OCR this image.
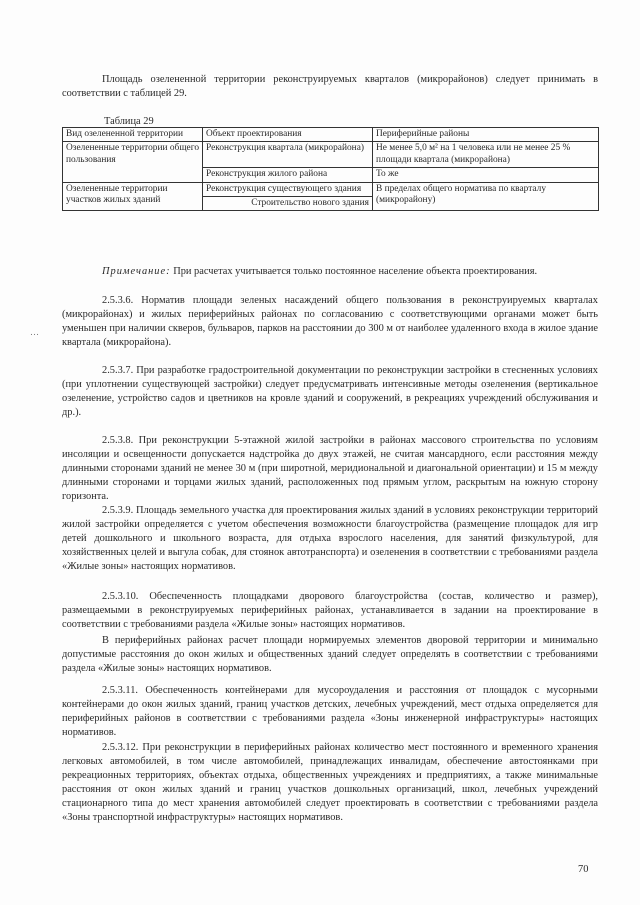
Площадь озелененной территории реконструируемых кварталов (микрорайонов) следует принимать в соответствии с таблицей 29.

Таблица 29

Вид озелененной территории	Объект проектирования	Периферийные районы
Озелененные территории общего пользования	Реконструкция квартала (микрорайона)	Не менее 5,0 м² на 1 человека или не менее 25 % площади квартала (микрорайона)
	Реконструкция жилого района	То же
Озелененные территории участков жилых зданий	Реконструкция существующего здания	В пределах общего норматива по кварталу (микрорайону)
	Строительство нового здания	

Примечание: При расчетах учитывается только постоянное население объекта проектирования.

…

2.5.3.6. Норматив площади зеленых насаждений общего пользования в реконструируемых кварталах (микрорайонах) и жилых периферийных районах по согласованию с соответствующими органами может быть уменьшен при наличии скверов, бульваров, парков на расстоянии до 300 м от наиболее удаленного входа в жилое здание квартала (микрорайона).

2.5.3.7. При разработке градостроительной документации по реконструкции застройки в стесненных условиях (при уплотнении существующей застройки) следует предусматривать интенсивные методы озеленения (вертикальное озеленение, устройство садов и цветников на кровле зданий и сооружений, в рекреациях учреждений обслуживания и др.).

2.5.3.8. При реконструкции 5-этажной жилой застройки в районах массового строительства по условиям инсоляции и освещенности допускается надстройка до двух этажей, не считая мансардного, если расстояния между длинными сторонами зданий не менее 30 м (при широтной, меридиональной и диагональной ориентации) и 15 м между длинными сторонами и торцами жилых зданий, расположенных под прямым углом, раскрытым на южную сторону горизонта.

2.5.3.9. Площадь земельного участка для проектирования жилых зданий в условиях реконструкции территорий жилой застройки определяется с учетом обеспечения возможности благоустройства (размещение площадок для игр детей дошкольного и школьного возраста, для отдыха взрослого населения, для занятий физкультурой, для хозяйственных целей и выгула собак, для стоянок автотранспорта) и озеленения в соответствии с требованиями раздела «Жилые зоны» настоящих нормативов.

2.5.3.10. Обеспеченность площадками дворового благоустройства (состав, количество и размер), размещаемыми в реконструируемых периферийных районах, устанавливается в задании на проектирование в соответствии с требованиями раздела «Жилые зоны» настоящих нормативов.

В периферийных районах расчет площади нормируемых элементов дворовой территории и минимально допустимые расстояния до окон жилых и общественных зданий следует определять в соответствии с требованиями раздела «Жилые зоны» настоящих нормативов.

2.5.3.11. Обеспеченность контейнерами для мусороудаления и расстояния от площадок с мусорными контейнерами до окон жилых зданий, границ участков детских, лечебных учреждений, мест отдыха определяется для периферийных районов в соответствии с требованиями раздела «Зоны инженерной инфраструктуры» настоящих нормативов.

2.5.3.12. При реконструкции в периферийных районах количество мест постоянного и временного хранения легковых автомобилей, в том числе автомобилей, принадлежащих инвалидам, обеспечение автостоянками при рекреационных территориях, объектах отдыха, общественных учреждениях и предприятиях, а также минимальные расстояния от окон жилых зданий и границ участков дошкольных организаций, школ, лечебных учреждений стационарного типа до мест хранения автомобилей следует проектировать в соответствии с требованиями раздела «Зоны транспортной инфраструктуры» настоящих нормативов.

70
